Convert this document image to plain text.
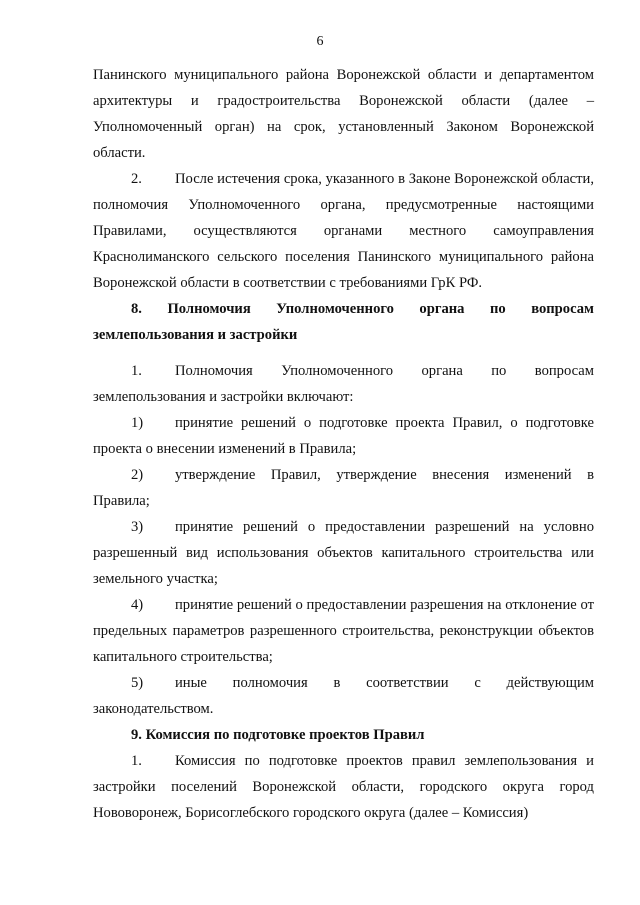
6

Панинского муниципального района Воронежской области и департаментом архитектуры и градостроительства Воронежской области (далее – Уполномоченный орган) на срок, установленный Законом Воронежской области.

2. После истечения срока, указанного в Законе Воронежской области, полномочия Уполномоченного органа, предусмотренные настоящими Правилами, осуществляются органами местного самоуправления Краснолиманского сельского поселения Панинского муниципального района Воронежской области в соответствии с требованиями ГрК РФ.

8. Полномочия Уполномоченного органа по вопросам землепользования и застройки

1. Полномочия Уполномоченного органа по вопросам землепользования и застройки включают:

1) принятие решений о подготовке проекта Правил, о подготовке проекта о внесении изменений в Правила;

2) утверждение Правил, утверждение внесения изменений в Правила;

3) принятие решений о предоставлении разрешений на условно разрешенный вид использования объектов капитального строительства или земельного участка;

4) принятие решений о предоставлении разрешения на отклонение от предельных параметров разрешенного строительства, реконструкции объектов капитального строительства;

5) иные полномочия в соответствии с действующим законодательством.

9. Комиссия по подготовке проектов Правил

1. Комиссия по подготовке проектов правил землепользования и застройки поселений Воронежской области, городского округа город Нововоронеж, Борисоглебского городского округа (далее – Комиссия)
